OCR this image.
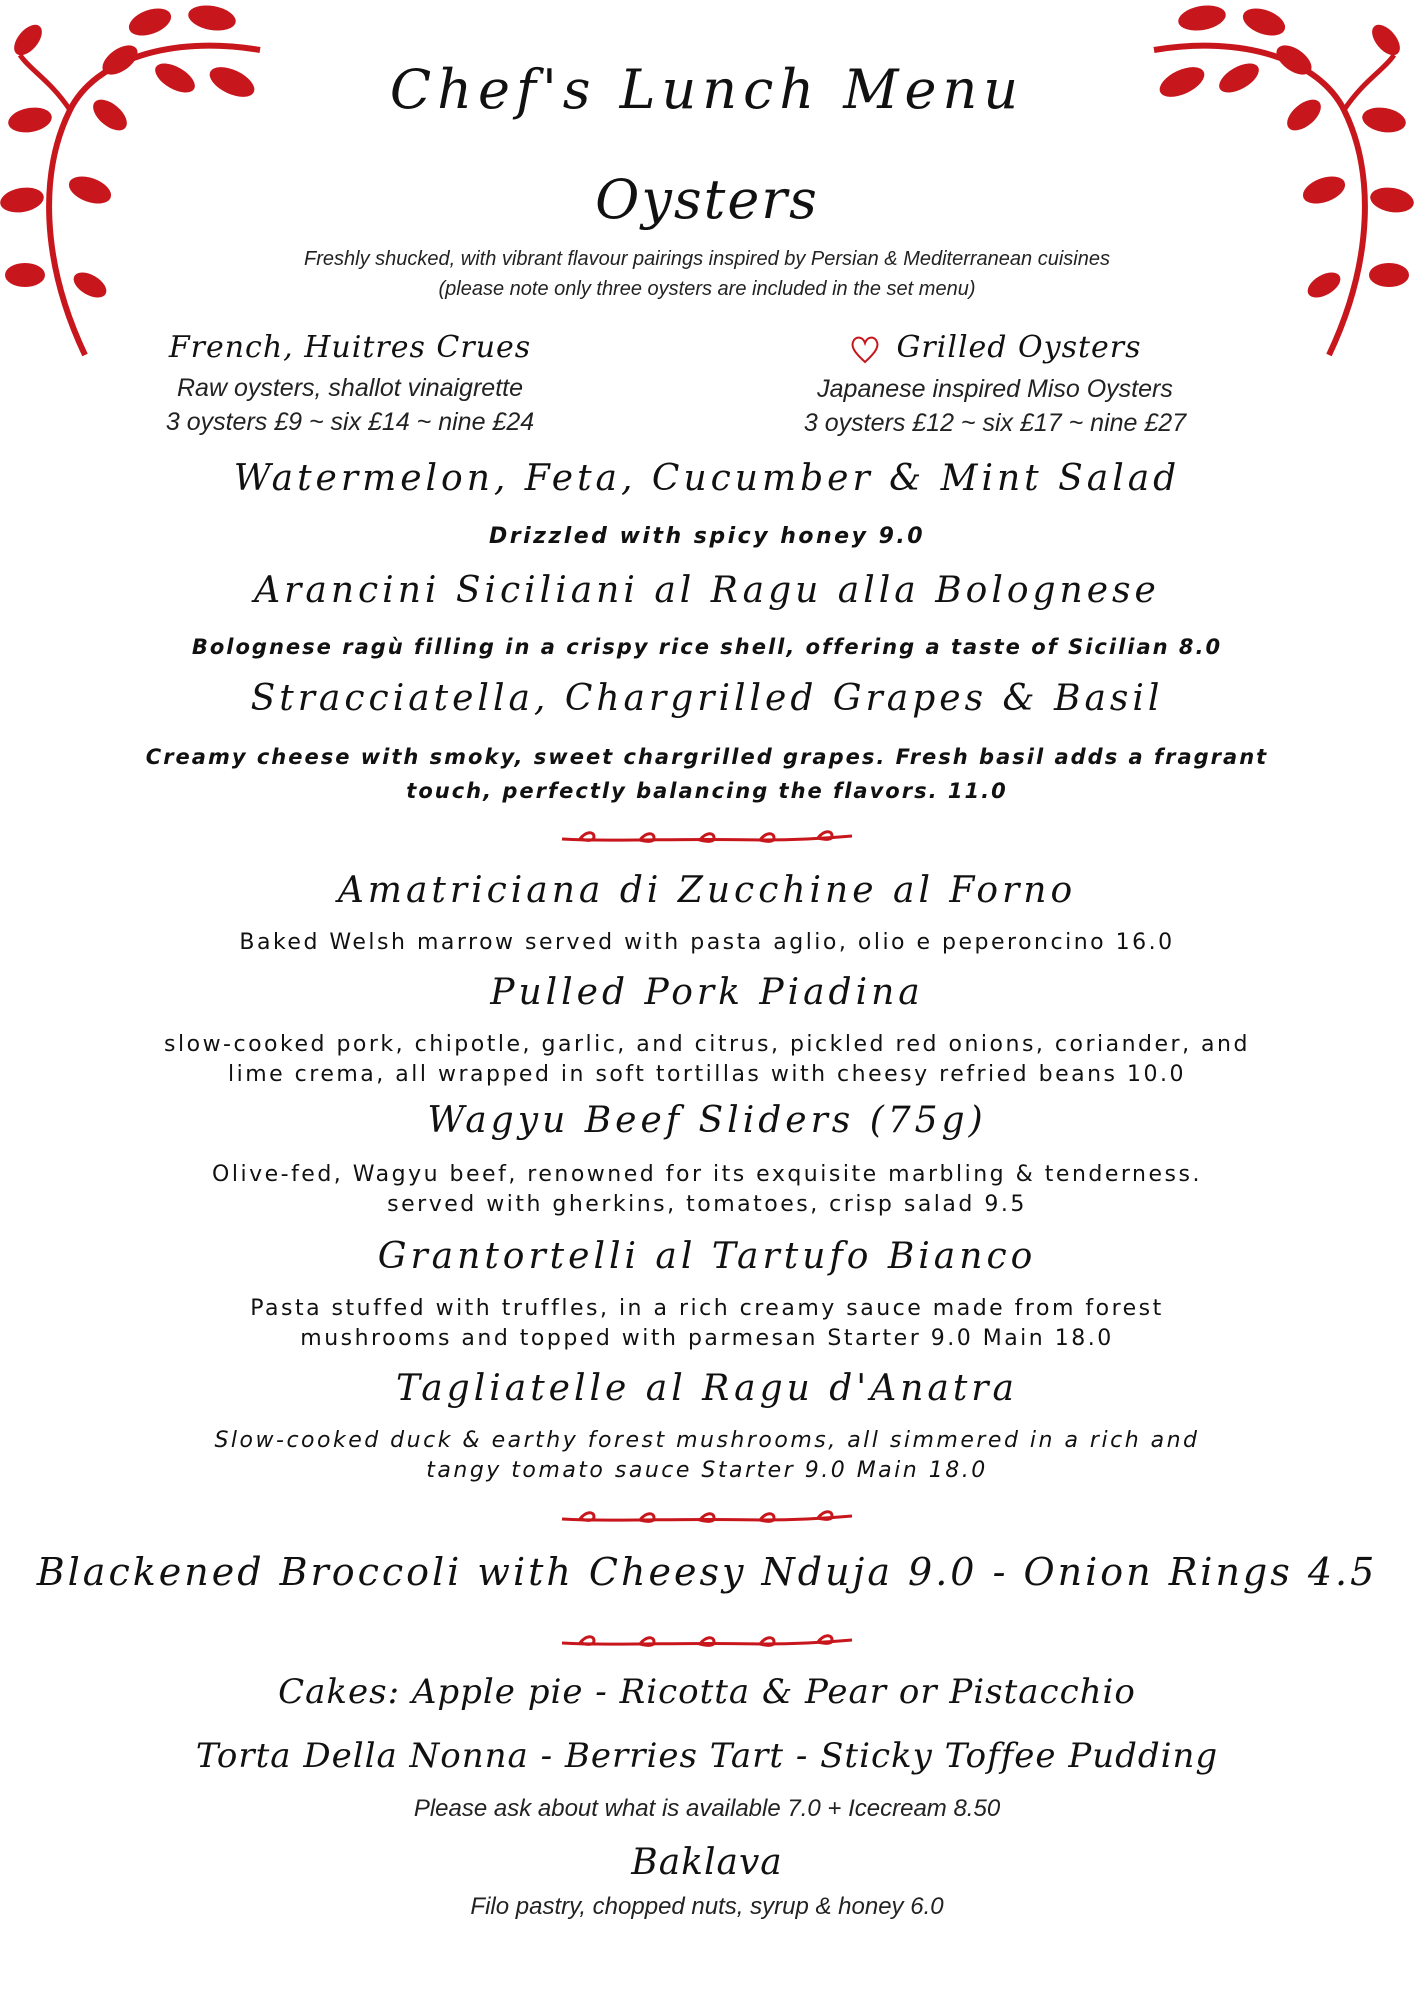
Chef's Lunch Menu
Oysters
Freshly shucked, with vibrant flavour pairings inspired by Persian & Mediterranean cuisines
(please note only three oysters are included in the set menu)
French, Huitres Crues
Raw oysters, shallot vinaigrette
3 oysters £9 ~ six £14 ~ nine £24
Grilled Oysters
Japanese inspired Miso Oysters
3 oysters £12 ~ six £17 ~ nine £27
Watermelon, Feta, Cucumber & Mint Salad
Drizzled with spicy honey 9.0
Arancini Siciliani al Ragu alla Bolognese
Bolognese ragù filling in a crispy rice shell, offering a taste of Sicilian 8.0
Stracciatella, Chargrilled Grapes & Basil
Creamy cheese with smoky, sweet chargrilled grapes. Fresh basil adds a fragrant
touch, perfectly balancing the flavors. 11.0
Amatriciana di Zucchine al Forno
Baked Welsh marrow served with pasta aglio, olio e peperoncino 16.0
Pulled Pork Piadina
slow-cooked pork, chipotle, garlic, and citrus, pickled red onions, coriander, and
lime crema, all wrapped in soft tortillas with cheesy refried beans 10.0
Wagyu Beef Sliders (75g)
Olive-fed, Wagyu beef, renowned for its exquisite marbling & tenderness.
served with gherkins, tomatoes, crisp salad 9.5
Grantortelli al Tartufo Bianco
Pasta stuffed with truffles, in a rich creamy sauce made from forest
mushrooms and topped with parmesan Starter 9.0 Main 18.0
Tagliatelle al Ragu d'Anatra
Slow-cooked duck & earthy forest mushrooms, all simmered in a rich and
tangy tomato sauce Starter 9.0 Main 18.0
Blackened Broccoli with Cheesy Nduja 9.0 - Onion Rings 4.5
Cakes: Apple pie - Ricotta & Pear or Pistacchio
Torta Della Nonna - Berries Tart - Sticky Toffee Pudding
Please ask about what is available 7.0 + Icecream 8.50
Baklava
Filo pastry, chopped nuts, syrup & honey 6.0
